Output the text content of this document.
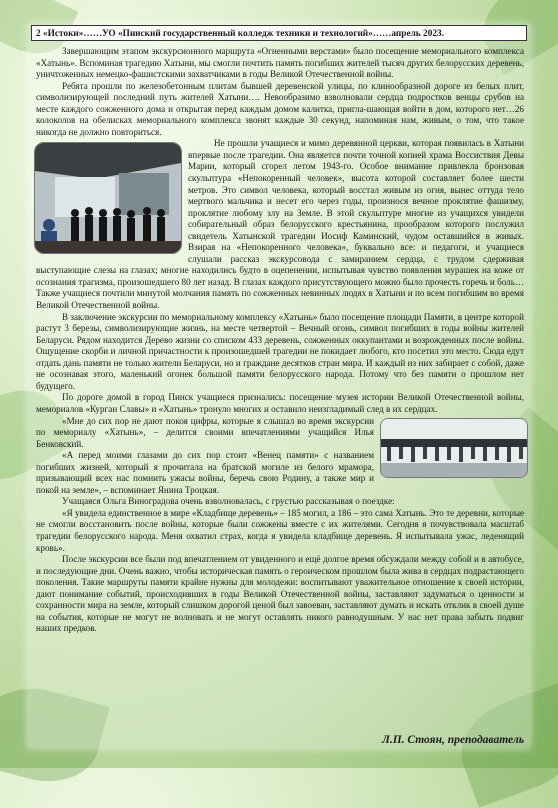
2 «Истоки»……УО «Пинский государственный колледж техники и технологий»……апрель 2023.

Завершающим этапом экскурсионного маршрута «Огненными верстами» было посещение мемориального комплекса «Хатынь». Вспоминая трагедию Хатыни, мы смогли почтить память погибших жителей тысяч других белорусских деревень, уничтоженных немецко-фашистскими захватчиками в годы Великой Отечественной войны.

Ребята прошли по железобетонным плитам бывшей деревенской улицы, по клинообразной дороге из белых плит, символизирующей последний путь жителей Хатыни…. Невообразимо взволновали сердца подростков венцы срубов на месте каждого сожженного дома и открытая перед каждым домом калитка, пригла-шающая войти в дом, которого нет…26 колоколов на обелисках мемориального комплекса звонят каждые 30 секунд, напоминая нам, живым, о том, что такое никогда не должно повториться.

Не прошли учащиеся и мимо деревянной церкви, которая появилась в Хатыни впервые после трагедии. Она является почти точной копией храма Воссиствия Девы Марии, который сгорел летом 1943-го. Особое внимание привлекла бронзовая скульптура «Непокоренный человек», высота которой составляет более шести метров. Это символ человека, который восстал живым из огня, вынес оттуда тело мертвого мальчика и несет его через годы, произнося вечное проклятие фашизму, проклятие любому злу на Земле. В этой скульптуре многие из учащихся увидели собирательный образ белорусского крестьянина, прообразом которого послужил свидетель Хатынской трагедии Иосиф Каминский, чудом оставшийся в живых. Взирая на «Непокоренного человека», буквально все: и педагоги, и учащиеся слушали рассказ экскурсовода с замиранием сердца, с трудом сдерживая выступающие слезы на глазах; многие находились будто в оцепенении, испытывая чувство появления мурашек на коже от осознания трагизма, произошедшего 80 лет назад. В глазах каждого присутствующего можно было прочесть горечь и боль…Также учащиеся почтили минутой молчания память по сожженных невинных людях в Хатыни и по всем погибшим во время Великой Отечественной войны.

В заключение экскурсии по мемориальному комплексу «Хатынь» было посещение площади Памяти, в центре которой растут 3 березы, символизирующие жизнь, на месте четвертой – Вечный огонь, символ погибших в годы войны жителей Беларуси. Рядом находится Дерево жизни со списком 433 деревень, сожженных оккупантами и возрожденных после войны. Ощущение скорби и личной причастности к произошедшей трагедии не покидает любого, кто посетил это место. Сюда едут отдать дань памяти не только жители Беларуси, но и граждане десятков стран мира. И каждый из них забирает с собой, даже не осознавая этого, маленький огонек большой памяти белорусского народа. Потому что без памяти о прошлом нет будущего.

По дороге домой в город Пинск учащиеся признались: посещение музея истории Великой Отечественной войны, мемориалов «Курган Славы» и «Хатынь» тронуло многих и оставило неизгладимый след в их сердцах.

«Мне до сих пор не дают покоя цифры, которые я слышал во время экскурсии по мемориалу «Хатынь», – делится своими впечатлениями учащийся Илья Бенковский.

«А перед моими глазами до сих пор стоит «Венец памяти» с названием погибших жизней, который я прочитала на братской могиле из белого мрамора, призывающий всех нас помнить ужасы войны, беречь свою Родину, а также мир и покой на земле», – вспоминает Янина Троцкая.

Учащаяся Ольга Виноградова очень взволновалась, с грустью рассказывая о поездке:

«Я увидела единственное в мире «Кладбище деревень» – 185 могил, а 186 – это сама Хатынь. Это те деревни, которые не смогли восстановить после войны, которые были сожжены вместе с их жителями. Сегодня я почувствовала масштаб трагедии белорусского народа. Меня охватил страх, когда я увидела кладбище деревень. Я испытывала ужас, леденящий кровь».

После экскурсии все были под впечатлением от увиденного и ещё долгое время обсуждали между собой и в автобусе, и последующие дни. Очень важно, чтобы историческая память о героическом прошлом была жива в сердцах подрастающего поколения. Такие маршруты памяти крайне нужны для молодежи: воспитывают уважительное отношение к своей истории, дают понимание событий, происходивших в годы Великой Отечественной войны, заставляют задуматься о ценности и сохранности мира на земле, который слишком дорогой ценой был завоеван, заставляют думать и искать отклик в своей душе на события, которые не могут не волновать и не могут оставлять никого равнодушным. У нас нет права забыть подвиг наших предков.

Л.П. Стоян, преподаватель
